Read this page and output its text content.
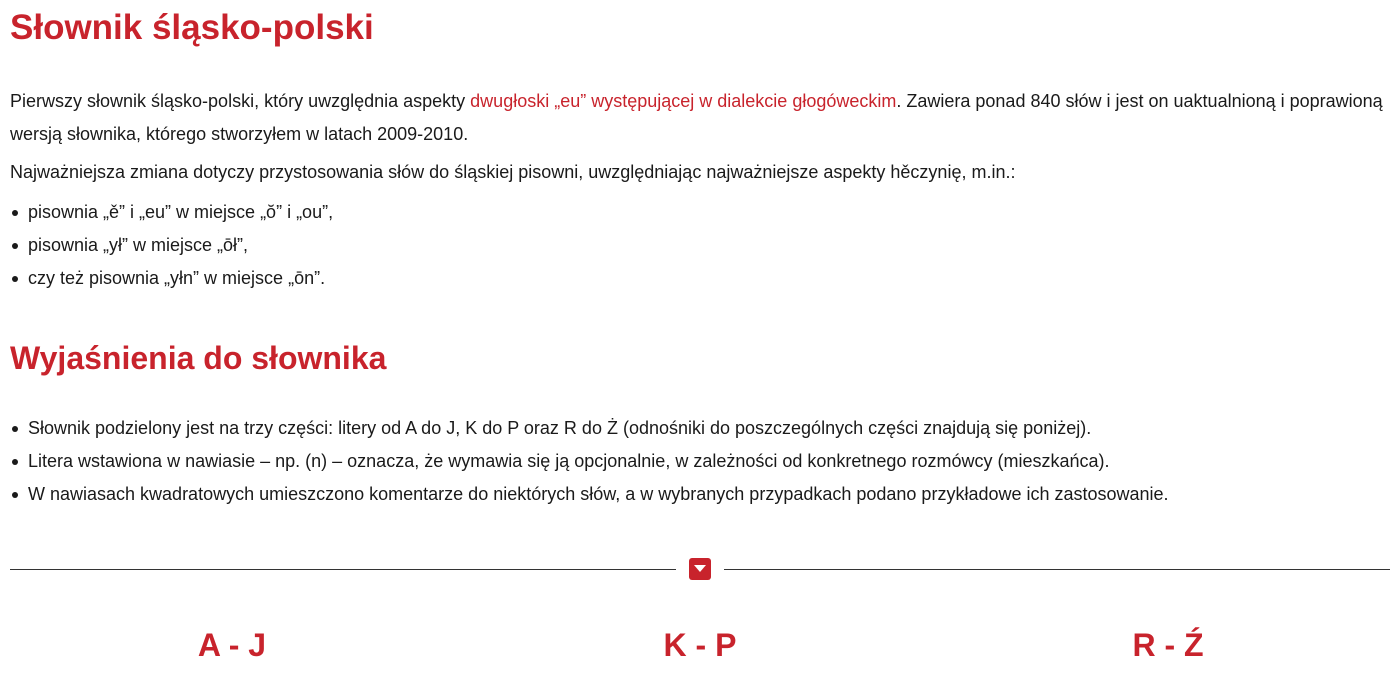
Słownik śląsko-polski

Pierwszy słownik śląsko-polski, który uwzględnia aspekty dwugłoski „eu” występującej w dialekcie głogóweckim. Zawiera ponad 840 słów i jest on uaktualnioną i poprawioną wersją słownika, którego stworzyłem w latach 2009-2010.

Najważniejsza zmiana dotyczy przystosowania słów do śląskiej pisowni, uwzględniając najważniejsze aspekty hěczynię, m.in.:

pisownia „ě” i „eu” w miejsce „ŏ” i „ou”,
pisownia „ył” w miejsce „ōł”,
czy też pisownia „yłn” w miejsce „ōn”.
Wyjaśnienia do słownika
Słownik podzielony jest na trzy części: litery od A do J, K do P oraz R do Ż (odnośniki do poszczególnych części znajdują się poniżej).
Litera wstawiona w nawiasie – np. (n) – oznacza, że wymawia się ją opcjonalnie, w zależności od konkretnego rozmówcy (mieszkańca).
W nawiasach kwadratowych umieszczono komentarze do niektórych słów, a w wybranych przypadkach podano przykładowe ich zastosowanie.
A - J	K - P	R - Ź
